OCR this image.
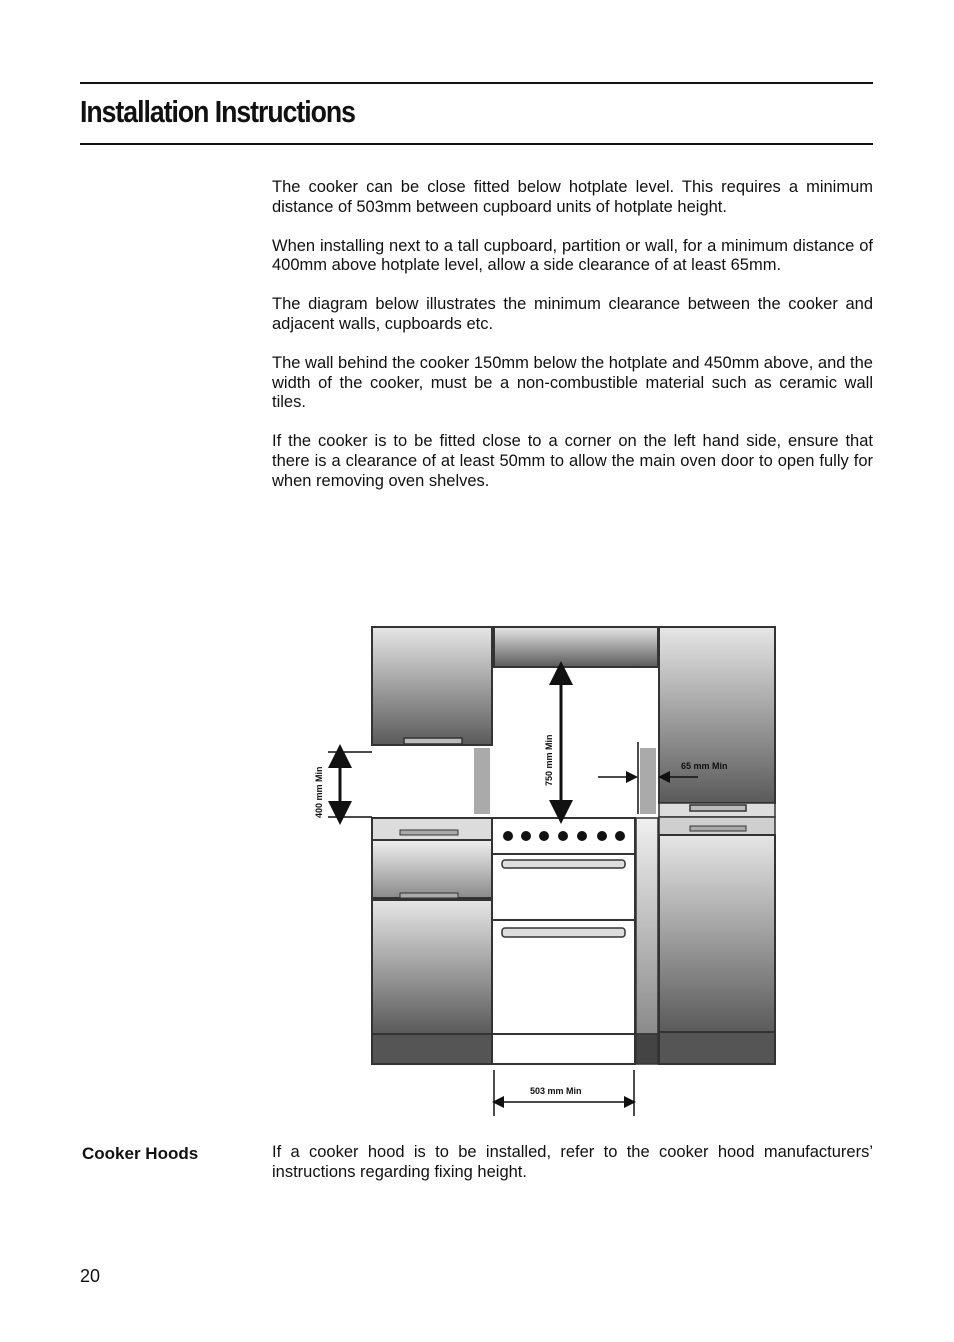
Installation Instructions

The cooker can be close fitted below hotplate level. This requires a minimum distance of 503mm between cupboard units of hotplate height.

When installing next to a tall cupboard, partition or wall, for a minimum distance of 400mm above hotplate level, allow a side clearance of at least 65mm.

The diagram below illustrates the minimum clearance between the cooker and adjacent walls, cupboards etc.

The wall behind the cooker 150mm below the hotplate and 450mm above, and the width of the cooker, must be a non-combustible material such as ceramic wall tiles.

If the cooker is to be fitted close to a corner on the left hand side, ensure that there is a clearance of at least 50mm to allow the main oven door to open fully for when removing oven shelves.

400 mm Min
750 mm Min	65 mm Min
503 mm Min
Cooker Hoods	If a cooker hood is to be installed, refer to the cooker hood manufacturers’ instructions regarding fixing height.

20
